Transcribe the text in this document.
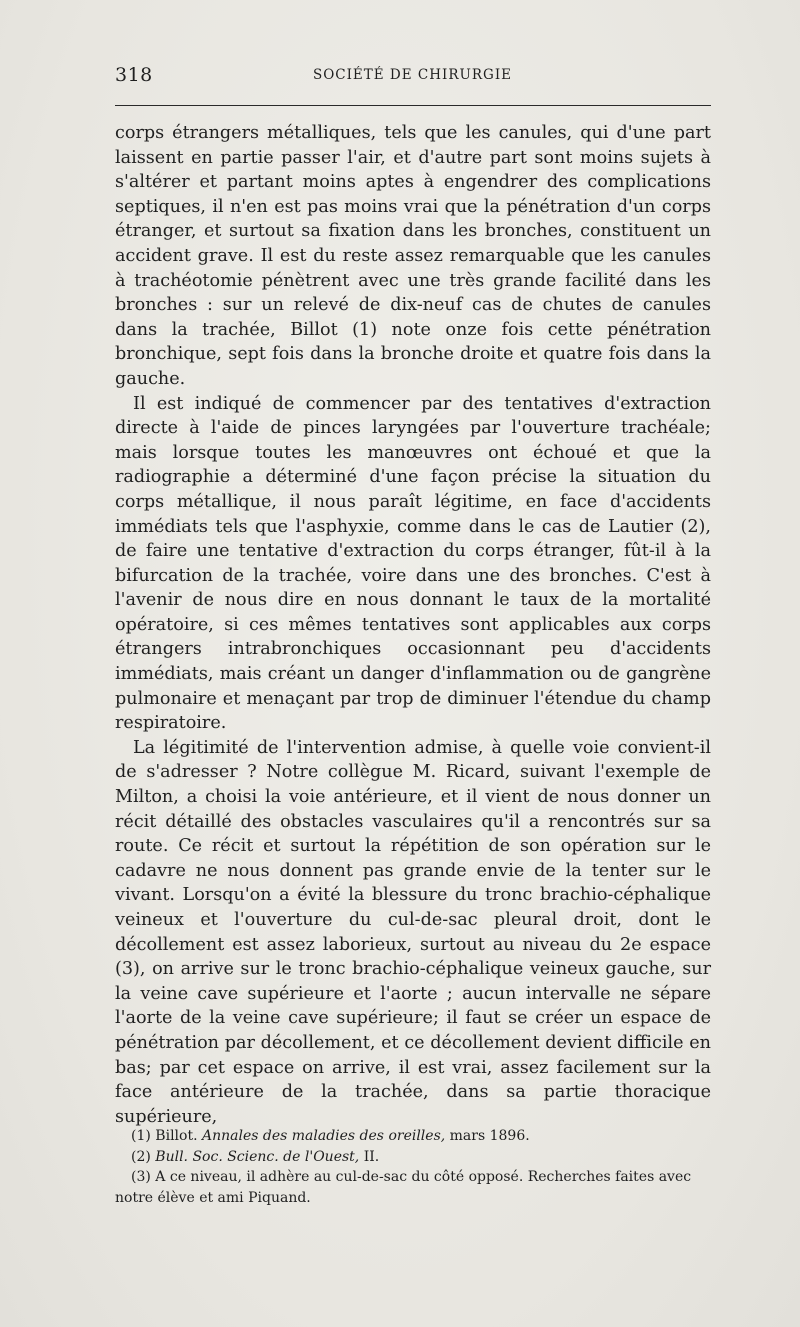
318	SOCIÉTÉ DE CHIRURGIE

corps étrangers métalliques, tels que les canules, qui d'une part laissent en partie passer l'air, et d'autre part sont moins sujets à s'altérer et partant moins aptes à engendrer des complications septiques, il n'en est pas moins vrai que la pénétration d'un corps étranger, et surtout sa fixation dans les bronches, constituent un accident grave. Il est du reste assez remarquable que les canules à trachéotomie pénètrent avec une très grande facilité dans les bronches : sur un relevé de dix-neuf cas de chutes de canules dans la trachée, Billot (1) note onze fois cette pénétration bronchique, sept fois dans la bronche droite et quatre fois dans la gauche.

Il est indiqué de commencer par des tentatives d'extraction directe à l'aide de pinces laryngées par l'ouverture trachéale; mais lorsque toutes les manœuvres ont échoué et que la radiographie a déterminé d'une façon précise la situation du corps métallique, il nous paraît légitime, en face d'accidents immédiats tels que l'asphyxie, comme dans le cas de Lautier (2), de faire une tentative d'extraction du corps étranger, fût-il à la bifurcation de la trachée, voire dans une des bronches. C'est à l'avenir de nous dire en nous donnant le taux de la mortalité opératoire, si ces mêmes tentatives sont applicables aux corps étrangers intrabronchiques occasionnant peu d'accidents immédiats, mais créant un danger d'inflammation ou de gangrène pulmonaire et menaçant par trop de diminuer l'étendue du champ respiratoire.

La légitimité de l'intervention admise, à quelle voie convient-il de s'adresser ? Notre collègue M. Ricard, suivant l'exemple de Milton, a choisi la voie antérieure, et il vient de nous donner un récit détaillé des obstacles vasculaires qu'il a rencontrés sur sa route. Ce récit et surtout la répétition de son opération sur le cadavre ne nous donnent pas grande envie de la tenter sur le vivant. Lorsqu'on a évité la blessure du tronc brachio-céphalique veineux et l'ouverture du cul-de-sac pleural droit, dont le décollement est assez laborieux, surtout au niveau du 2e espace (3), on arrive sur le tronc brachio-céphalique veineux gauche, sur la veine cave supérieure et l'aorte ; aucun intervalle ne sépare l'aorte de la veine cave supérieure; il faut se créer un espace de pénétration par décollement, et ce décollement devient difficile en bas; par cet espace on arrive, il est vrai, assez facilement sur la face antérieure de la trachée, dans sa partie thoracique supérieure,

(1) Billot. Annales des maladies des oreilles, mars 1896.

(2) Bull. Soc. Scienc. de l'Ouest, II.

(3) A ce niveau, il adhère au cul-de-sac du côté opposé. Recherches faites avec notre élève et ami Piquand.
